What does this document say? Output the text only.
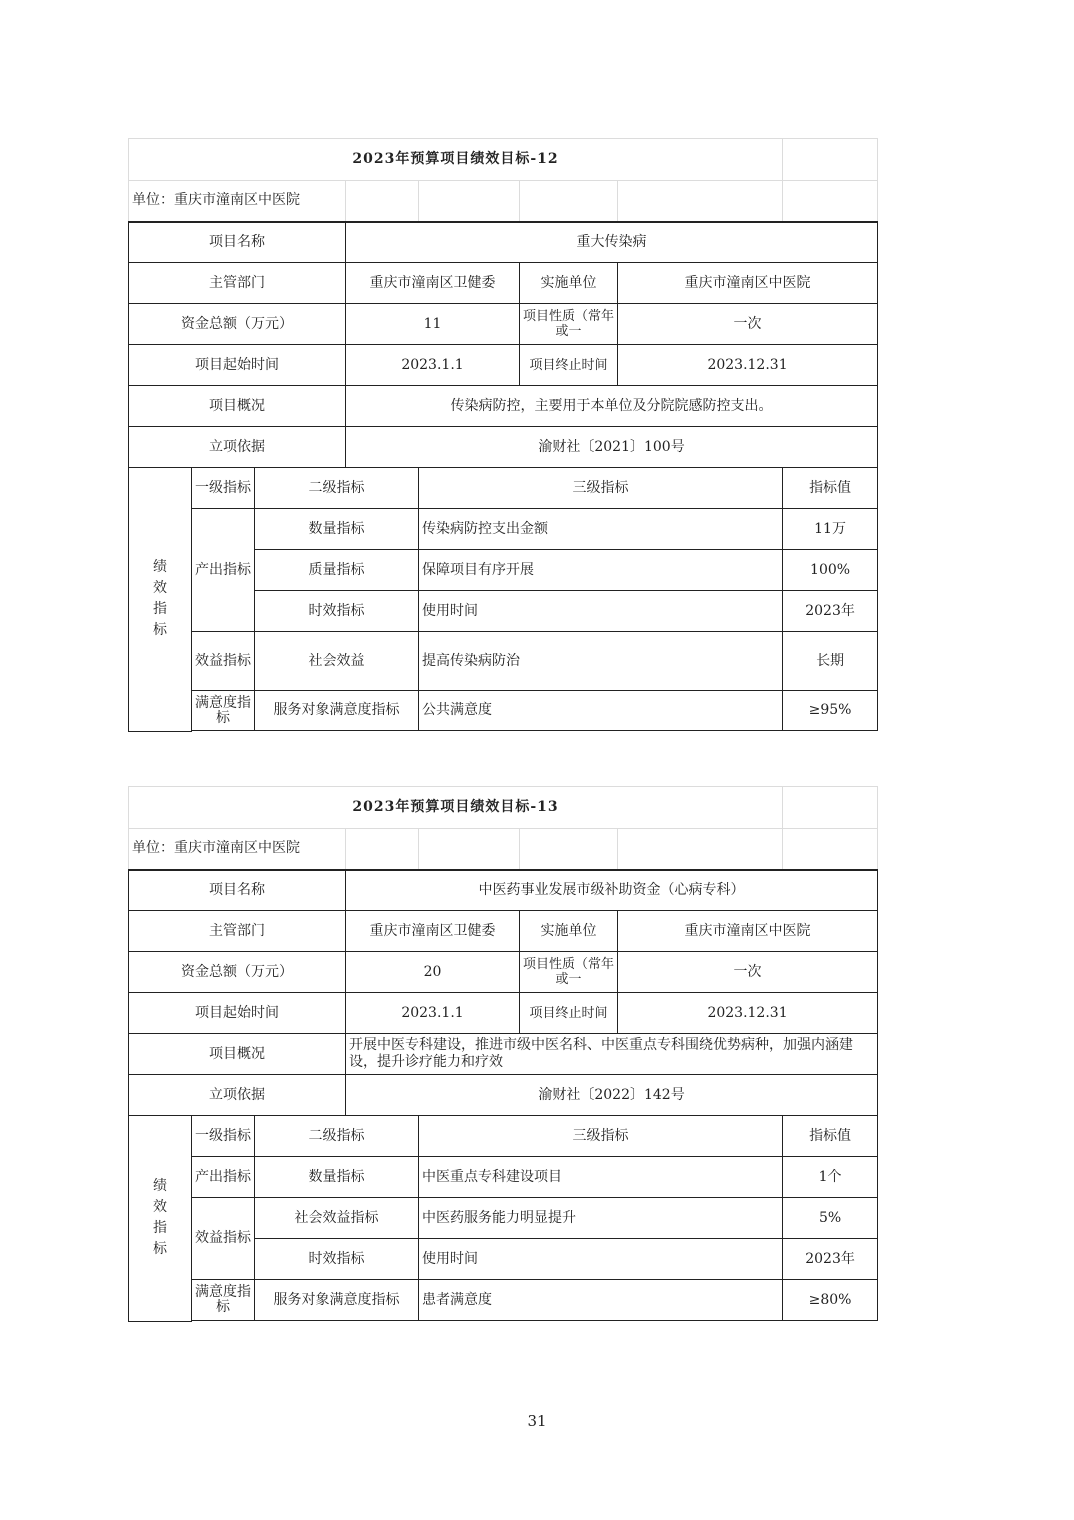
2023年预算项目绩效目标-12							
单位：重庆市潼南区中医院							
项目名称			重大传染病				
主管部门			重庆市潼南区卫健委		实施单位	重庆市潼南区中医院	
资金总额（万元）			11		项目性质（常年或一	一次	
项目起始时间			2023.1.1		项目终止时间	2023.12.31	
项目概况			传染病防控，主要用于本单位及分院院感防控支出。				
立项依据			渝财社〔2021〕100号				
绩效指标	一级指标	二级指标		三级指标			指标值
	产出指标	数量指标		传染病防控支出金额			11万
		质量指标		保障项目有序开展			100%
		时效指标		使用时间			2023年
	效益指标	社会效益		提高传染病防治			长期
	满意度指标	服务对象满意度指标		公共满意度			≥95%

2023年预算项目绩效目标-13							
单位：重庆市潼南区中医院							
项目名称			中医药事业发展市级补助资金（心病专科）				
主管部门			重庆市潼南区卫健委		实施单位	重庆市潼南区中医院	
资金总额（万元）			20		项目性质（常年或一	一次	
项目起始时间			2023.1.1		项目终止时间	2023.12.31	
项目概况			开展中医专科建设，推进市级中医名科、中医重点专科围绕优势病种，加强内涵建设，提升诊疗能力和疗效				
立项依据			渝财社〔2022〕142号				
绩效指标	一级指标	二级指标		三级指标			指标值
	产出指标	数量指标		中医重点专科建设项目			1个
	效益指标	社会效益指标		中医药服务能力明显提升			5%
		时效指标		使用时间			2023年
	满意度指标	服务对象满意度指标		患者满意度			≥80%

31
